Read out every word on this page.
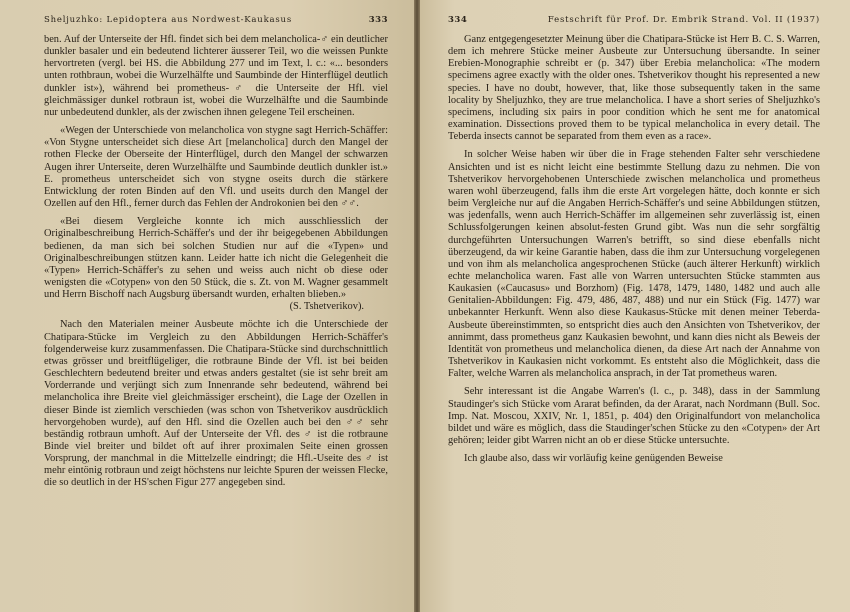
Sheljuzhko: Lepidoptera aus Nordwest-Kaukasus	333

ben. Auf der Unterseite der Hfl. findet sich bei dem melancholica-♂ ein deutlicher dunkler basaler und ein bedeutend lichterer äusserer Teil, wo die weissen Punkte hervortreten (vergl. bei HS. die Abbildung 277 und im Text, l. c.: «... besonders unten rothbraun, wobei die Wurzelhälfte und Saumbinde der Hinterflügel deutlich dunkler ist»), während bei prometheus-♂ die Unterseite der Hfl. viel gleichmässiger dunkel rotbraun ist, wobei die Wurzelhälfte und die Saumbinde nur unbedeutend dunkler, als der zwischen ihnen gelegene Teil erscheinen.

«Wegen der Unterschiede von melancholica von stygne sagt Herrich-Schäffer: «Von Stygne unterscheidet sich diese Art [melancholica] durch den Mangel der rothen Flecke der Oberseite der Hinterflügel, durch den Mangel der schwarzen Augen ihrer Unterseite, deren Wurzelhälfte und Saumbinde deutlich dunkler ist.» E. prometheus unterscheidet sich von stygne oseits durch die stärkere Entwicklung der roten Binden auf den Vfl. und useits durch den Mangel der Ozellen auf den Hfl., ferner durch das Fehlen der Androkonien bei den ♂♂.

«Bei diesem Vergleiche konnte ich mich ausschliesslich der Originalbeschreibung Herrich-Schäffer's und der ihr beigegebenen Abbildungen bedienen, da man sich bei solchen Studien nur auf die «Typen» und Originalbeschreibungen stützen kann. Leider hatte ich nicht die Gelegenheit die «Typen» Herrich-Schäffer's zu sehen und weiss auch nicht ob diese oder wenigsten die «Cotypen» von den 50 Stück, die s. Zt. von M. Wagner gesammelt und Herrn Bischoff nach Augsburg übersandt wurden, erhalten blieben.»

(S. Tshetverikov).

Nach den Materialen meiner Ausbeute möchte ich die Unterschiede der Chatipara-Stücke im Vergleich zu den Abbildungen Herrich-Schäffer's folgenderweise kurz zusammenfassen. Die Chatipara-Stücke sind durchschnittlich etwas grösser und breitflügeliger, die rotbraune Binde der Vfl. ist bei beiden Geschlechtern bedeutend breiter und etwas anders gestaltet (sie ist sehr breit am Vorderrande und verjüngt sich zum Innenrande sehr bedeutend, während bei melancholica ihre Breite viel gleichmässiger erscheint), die Lage der Ozellen in dieser Binde ist ziemlich verschieden (was schon von Tshetverikov ausdrücklich hervorgehoben wurde), auf den Hfl. sind die Ozellen auch bei den ♂♂ sehr beständig rotbraun umhoft. Auf der Unterseite der Vfl. des ♂ ist die rotbraune Binde viel breiter und bildet oft auf ihrer proximalen Seite einen grossen Vorsprung, der manchmal in die Mittelzelle eindringt; die Hfl.-Useite des ♂ ist mehr eintönig rotbraun und zeigt höchstens nur leichte Spuren der weissen Flecke, die so deutlich in der HS'schen Figur 277 angegeben sind.

334	Festschrift für Prof. Dr. Embrik Strand. Vol. II (1937)

Ganz entgegengesetzter Meinung über die Chatipara-Stücke ist Herr B. C. S. Warren, dem ich mehrere Stücke meiner Ausbeute zur Untersuchung übersandte. In seiner Erebien-Monographie schreibt er (p. 347) über Erebia melancholica: «The modern specimens agree exactly with the older ones. Tshetverikov thought his represented a new species. I have no doubt, however, that, like those subsequently taken in the same locality by Sheljuzhko, they are true melancholica. I have a short series of Sheljuzhko's specimens, including six pairs in poor condition which he sent me for anatomical examination. Dissections proved them to be typical melancholica in every detail. The Teberda insects cannot be separated from them even as a race».

In solcher Weise haben wir über die in Frage stehenden Falter sehr verschiedene Ansichten und ist es nicht leicht eine bestimmte Stellung dazu zu nehmen. Die von Tshetverikov hervorgehobenen Unterschiede zwischen melancholica und prometheus waren wohl überzeugend, falls ihm die erste Art vorgelegen hätte, doch konnte er sich beim Vergleiche nur auf die Angaben Herrich-Schäffer's und seine Abbildungen stützen, was jedenfalls, wenn auch Herrich-Schäffer im allgemeinen sehr zuverlässig ist, einen Schlussfolgerungen keinen absolut-festen Grund gibt. Was nun die sehr sorgfältig durchgeführten Untersuchungen Warren's betrifft, so sind diese ebenfalls nicht überzeugend, da wir keine Garantie haben, dass die ihm zur Untersuchung vorgelegenen und von ihm als melancholica angesprochenen Stücke (auch älterer Herkunft) wirklich echte melancholica waren. Fast alle von Warren untersuchten Stücke stammten aus Kaukasien («Caucasus» und Borzhom) (Fig. 1478, 1479, 1480, 1482 und auch alle Genitalien-Abbildungen: Fig. 479, 486, 487, 488) und nur ein Stück (Fig. 1477) war unbekannter Herkunft. Wenn also diese Kaukasus-Stücke mit denen meiner Teberda-Ausbeute übereinstimmten, so entspricht dies auch den Ansichten von Tshetverikov, der annimmt, dass prometheus ganz Kaukasien bewohnt, und kann dies nicht als Beweis der Identität von prometheus und melancholica dienen, da diese Art nach der Annahme von Tshetverikov in Kaukasien nicht vorkommt. Es entsteht also die Möglichkeit, dass die Falter, welche Warren als melancholica ansprach, in der Tat prometheus waren.

Sehr interessant ist die Angabe Warren's (l. c., p. 348), dass in der Sammlung Staudinger's sich Stücke vom Ararat befinden, da der Ararat, nach Nordmann (Bull. Soc. Imp. Nat. Moscou, XXIV, Nr. 1, 1851, p. 404) den Originalfundort von melancholica bildet und wäre es möglich, dass die Staudinger'schen Stücke zu den «Cotypen» der Art gehören; leider gibt Warren nicht an ob er diese Stücke untersuchte.

Ich glaube also, dass wir vorläufig keine genügenden Beweise
